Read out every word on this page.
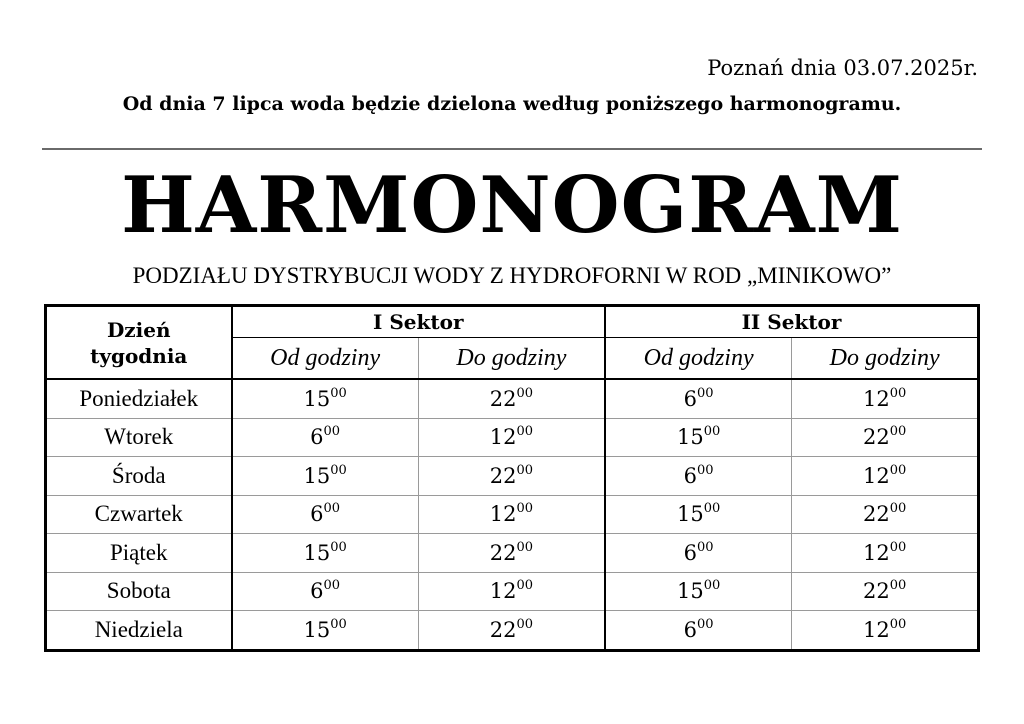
Poznań dnia 03.07.2025r.
Od dnia 7 lipca woda będzie dzielona według poniższego harmonogramu.
HARMONOGRAM
PODZIAŁU DYSTRYBUCJI WODY Z HYDROFORNI W ROD „MINIKOWO”
Dzień
tygodnia	I Sektor		II Sektor	
	Od godziny	Do godziny	Od godziny	Do godziny
Poniedziałek	$15^{00}$	$22^{00}$	$6^{00}$	$12^{00}$
Wtorek	$6^{00}$	$12^{00}$	$15^{00}$	$22^{00}$
Środa	$15^{00}$	$22^{00}$	$6^{00}$	$12^{00}$
Czwartek	$6^{00}$	$12^{00}$	$15^{00}$	$22^{00}$
Piątek	$15^{00}$	$22^{00}$	$6^{00}$	$12^{00}$
Sobota	$6^{00}$	$12^{00}$	$15^{00}$	$22^{00}$
Niedziela	$15^{00}$	$22^{00}$	$6^{00}$	$12^{00}$
